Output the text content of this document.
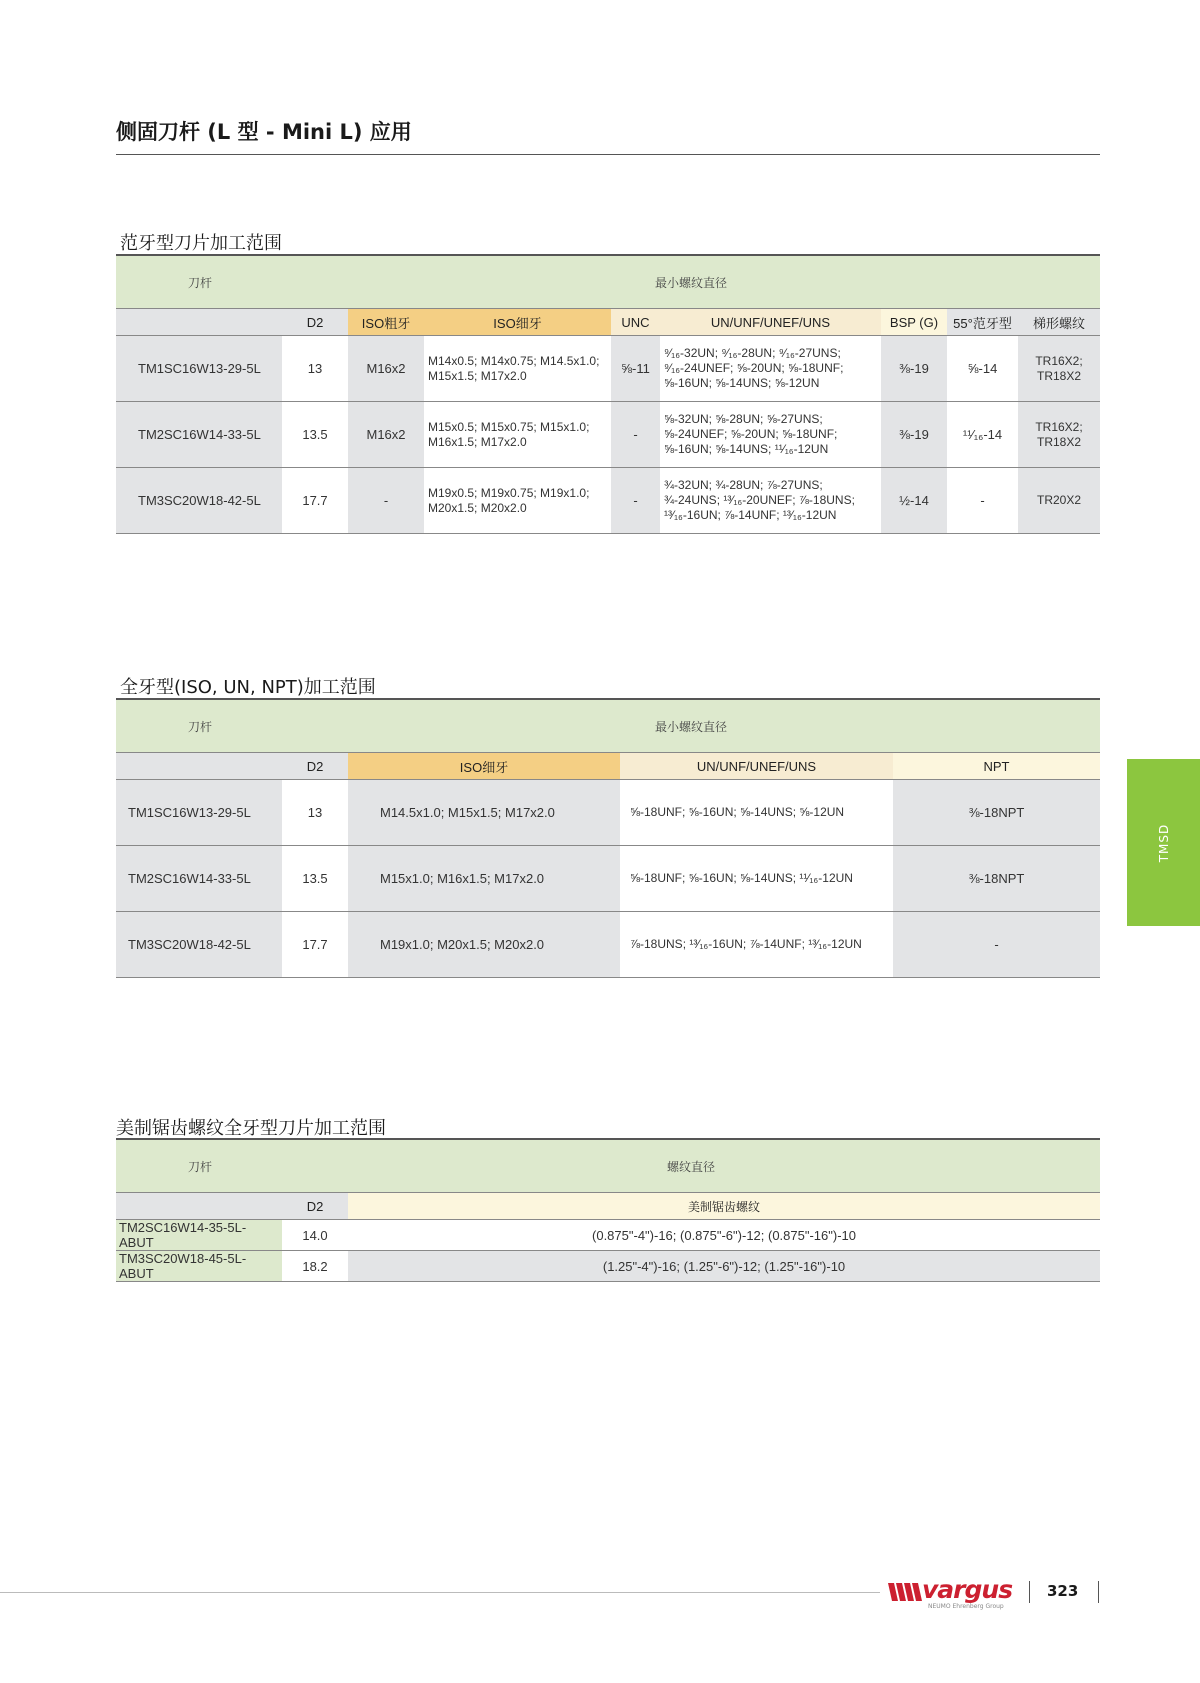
侧固刀杆 (L 型 - Mini L) 应用
范牙型刀片加工范围
刀杆	最小螺纹直径							
	D2	ISO粗牙	ISO细牙	UNC	UN/UNF/UNEF/UNS	BSP (G)	55°范牙型	梯形螺纹
TM1SC16W13-29-5L	13	M16x2	M14x0.5; M14x0.75; M14.5x1.0; M15x1.5; M17x2.0	⅝-11	⁹⁄₁₆-32UN; ⁹⁄₁₆-28UN; ⁹⁄₁₆-27UNS; ⁹⁄₁₆-24UNEF; ⅝-20UN; ⅝-18UNF; ⅝-16UN; ⅝-14UNS; ⅝-12UN	⅜-19	⅝-14	TR16X2; TR18X2
TM2SC16W14-33-5L	13.5	M16x2	M15x0.5; M15x0.75; M15x1.0; M16x1.5; M17x2.0	-	⅝-32UN; ⅝-28UN; ⅝-27UNS; ⅝-24UNEF; ⅝-20UN; ⅝-18UNF; ⅝-16UN; ⅝-14UNS; ¹¹⁄₁₆-12UN	⅜-19	¹¹⁄₁₆-14	TR16X2; TR18X2
TM3SC20W18-42-5L	17.7	-	M19x0.5; M19x0.75; M19x1.0; M20x1.5; M20x2.0	-	¾-32UN; ¾-28UN; ⅞-27UNS; ¾-24UNS; ¹³⁄₁₆-20UNEF; ⅞-18UNS; ¹³⁄₁₆-16UN; ⅞-14UNF; ¹³⁄₁₆-12UN	½-14	-	TR20X2
全牙型(ISO, UN, NPT)加工范围
刀杆	最小螺纹直径			
	D2	ISO细牙	UN/UNF/UNEF/UNS	NPT
TM1SC16W13-29-5L	13	M14.5x1.0; M15x1.5; M17x2.0	⅝-18UNF; ⅝-16UN; ⅝-14UNS; ⅝-12UN	⅜-18NPT
TM2SC16W14-33-5L	13.5	M15x1.0; M16x1.5; M17x2.0	⅝-18UNF; ⅝-16UN; ⅝-14UNS; ¹¹⁄₁₆-12UN	⅜-18NPT
TM3SC20W18-42-5L	17.7	M19x1.0; M20x1.5; M20x2.0	⅞-18UNS; ¹³⁄₁₆-16UN; ⅞-14UNF; ¹³⁄₁₆-12UN	-
美制锯齿螺纹全牙型刀片加工范围
刀杆	螺纹直径	
	D2	美制锯齿螺纹
TM2SC16W14-35-5L-ABUT	14.0	(0.875"-4")-16; (0.875"-6")-12; (0.875"-16")-10
TM3SC20W18-45-5L-ABUT	18.2	(1.25"-4")-16; (1.25"-6")-12; (1.25"-16")-10
TMSD
vargus
NEUMO Ehrenberg Group
323
